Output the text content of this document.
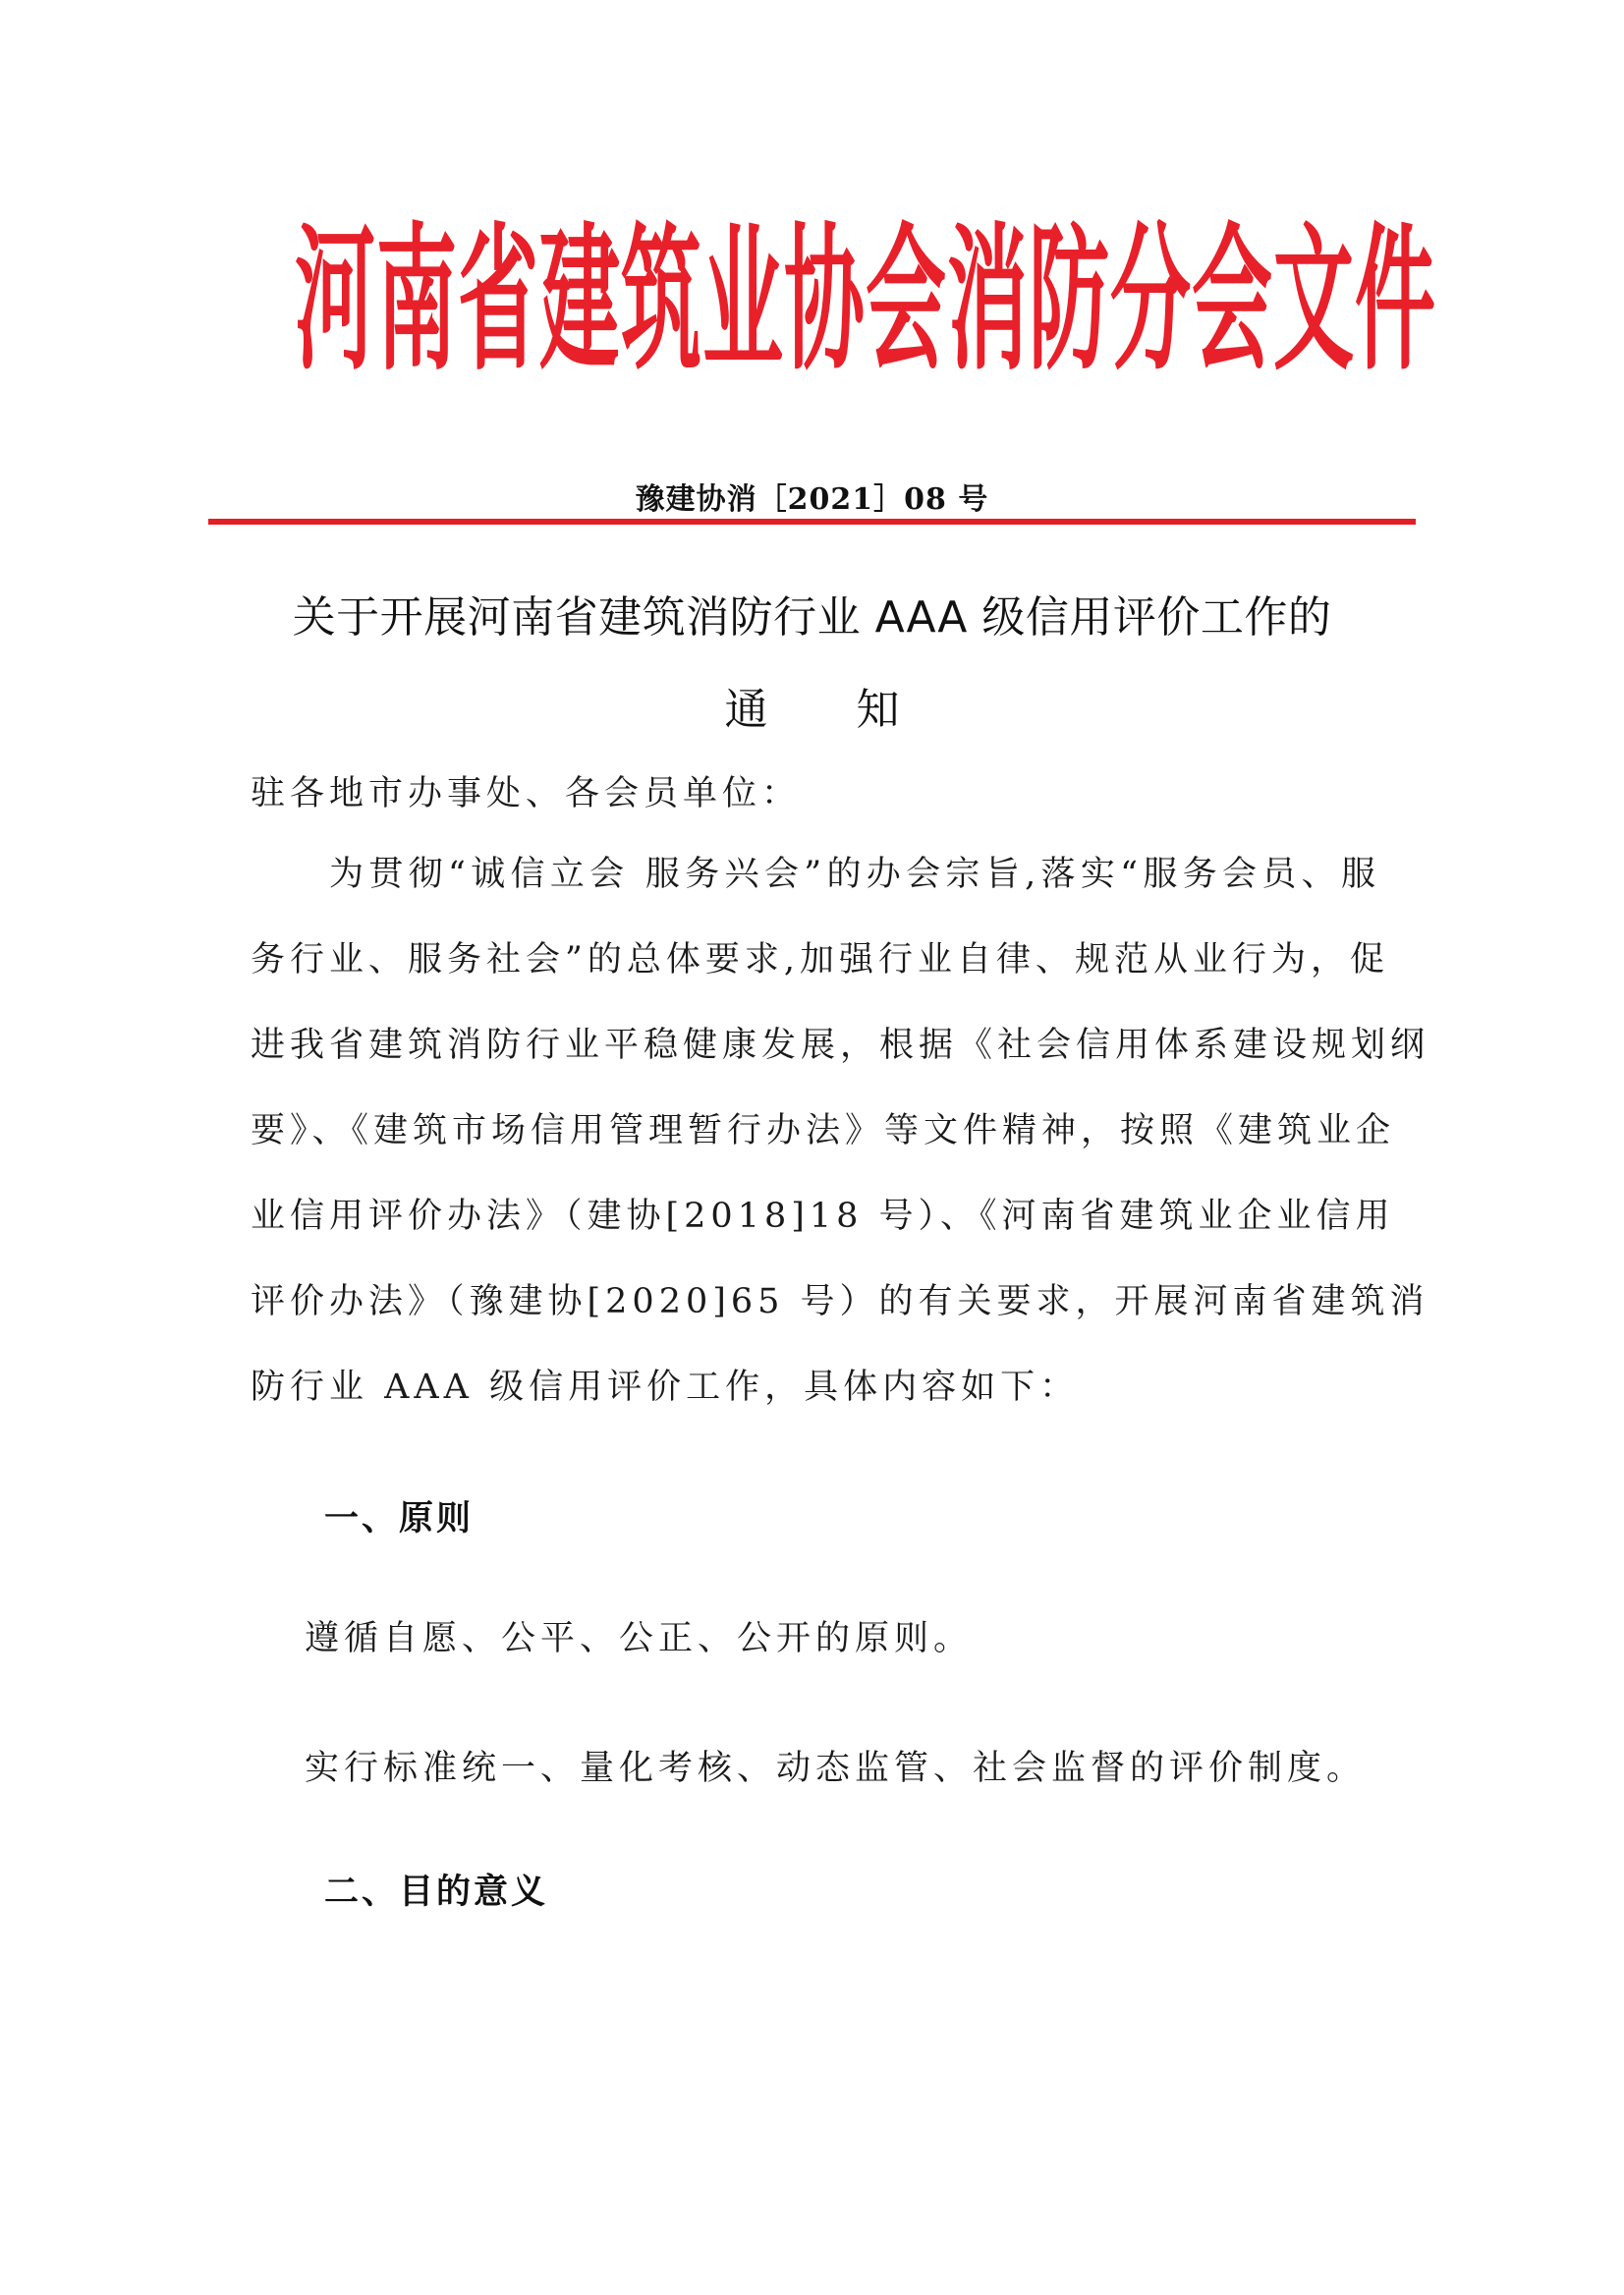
河南省建筑业协会消防分会文件
豫建协消［2021］08 号
关于开展河南省建筑消防行业 AAA 级信用评价工作的
通 知
驻各地市办事处、各会员单位：
为贯彻“诚信立会 服务兴会”的办会宗旨,落实“服务会员、服
务行业、服务社会”的总体要求,加强行业自律、规范从业行为，促
进我省建筑消防行业平稳健康发展，根据《社会信用体系建设规划纲
要》、《建筑市场信用管理暂行办法》等文件精神，按照《建筑业企
业信用评价办法》（建协[2018]18 号）、《河南省建筑业企业信用
评价办法》（豫建协[2020]65 号）的有关要求，开展河南省建筑消
防行业 AAA 级信用评价工作，具体内容如下：
一、原则
遵循自愿、公平、公正、公开的原则。
实行标准统一、量化考核、动态监管、社会监督的评价制度。
二、目的意义
